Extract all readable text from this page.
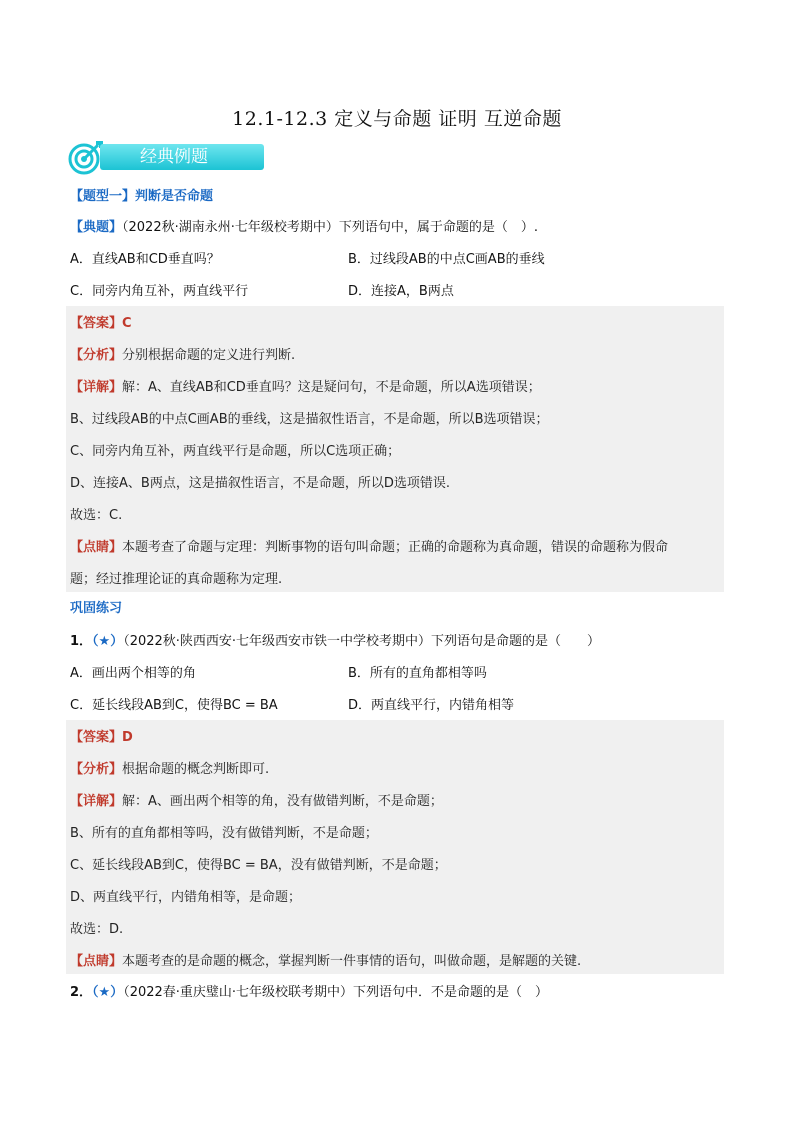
12.1-12.3 定义与命题 证明 互逆命题
经典例题
【题型一】判断是否命题
【典题】（2022秋·湖南永州·七年级校考期中）下列语句中，属于命题的是（　）.
A．直线AB和CD垂直吗？	B．过线段AB的中点C画AB的垂线
C．同旁内角互补，两直线平行	D．连接A，B两点
【答案】C
【分析】分别根据命题的定义进行判断.
【详解】解：A、直线AB和CD垂直吗？这是疑问句，不是命题，所以A选项错误；
B、过线段AB的中点C画AB的垂线，这是描叙性语言，不是命题，所以B选项错误；
C、同旁内角互补，两直线平行是命题，所以C选项正确；
D、连接A、B两点，这是描叙性语言，不是命题，所以D选项错误.
故选：C.
【点睛】本题考查了命题与定理：判断事物的语句叫命题；正确的命题称为真命题，错误的命题称为假命
题；经过推理论证的真命题称为定理.
巩固练习
1．（★）（2022秋·陕西西安·七年级西安市铁一中学校考期中）下列语句是命题的是（　　）
A．画出两个相等的角	B．所有的直角都相等吗
C．延长线段AB到C，使得BC = BA	D．两直线平行，内错角相等
【答案】D
【分析】根据命题的概念判断即可.
【详解】解：A、画出两个相等的角，没有做错判断，不是命题；
B、所有的直角都相等吗，没有做错判断，不是命题；
C、延长线段AB到C，使得BC = BA，没有做错判断，不是命题；
D、两直线平行，内错角相等，是命题；
故选：D.
【点睛】本题考查的是命题的概念，掌握判断一件事情的语句，叫做命题，是解题的关键.
2．（★）（2022春·重庆璧山·七年级校联考期中）下列语句中．不是命题的是（　）
